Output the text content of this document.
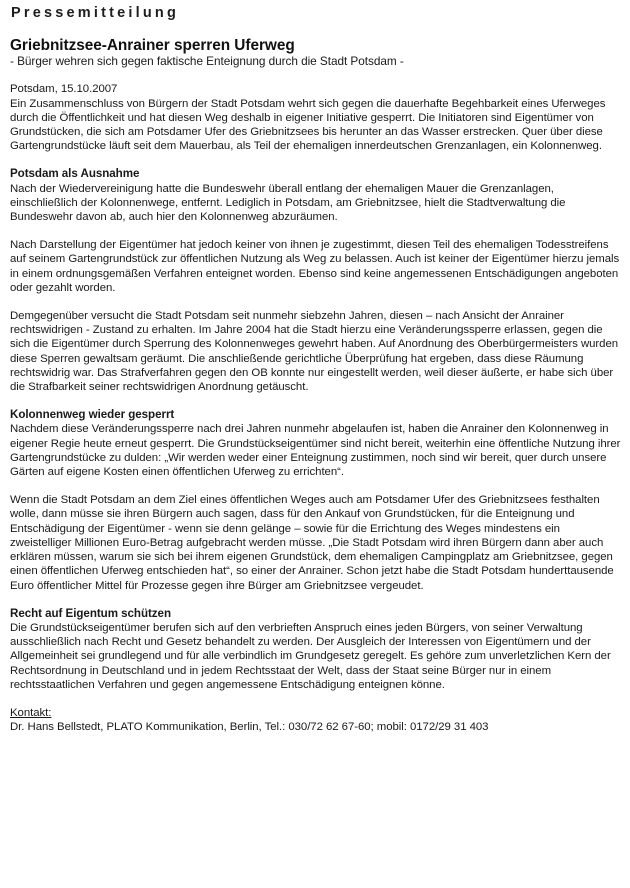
Pressemitteilung
Griebnitzsee-Anrainer sperren Uferweg

- Bürger wehren sich gegen faktische Enteignung durch die Stadt Potsdam -

Potsdam, 15.10.2007

Ein Zusammenschluss von Bürgern der Stadt Potsdam wehrt sich gegen die dauerhafte Begehbarkeit eines Uferweges durch die Öffentlichkeit und hat diesen Weg deshalb in eigener Initiative gesperrt. Die Initiatoren sind Eigentümer von Grundstücken, die sich am Potsdamer Ufer des Griebnitzsees bis herunter an das Wasser erstrecken. Quer über diese Gartengrundstücke läuft seit dem Mauerbau, als Teil der ehemaligen innerdeutschen Grenzanlagen, ein Kolonnenweg.

Potsdam als Ausnahme

Nach der Wiedervereinigung hatte die Bundeswehr überall entlang der ehemaligen Mauer die Grenzanlagen, einschließlich der Kolonnenwege, entfernt. Lediglich in Potsdam, am Griebnitzsee, hielt die Stadtverwaltung die Bundeswehr davon ab, auch hier den Kolonnenweg abzuräumen.

Nach Darstellung der Eigentümer hat jedoch keiner von ihnen je zugestimmt, diesen Teil des ehemaligen Todesstreifens auf seinem Gartengrundstück zur öffentlichen Nutzung als Weg zu belassen. Auch ist keiner der Eigentümer hierzu jemals in einem ordnungsgemäßen Verfahren enteignet worden. Ebenso sind keine angemessenen Entschädigungen angeboten oder gezahlt worden.

Demgegenüber versucht die Stadt Potsdam seit nunmehr siebzehn Jahren, diesen – nach Ansicht der Anrainer rechtswidrigen - Zustand zu erhalten. Im Jahre 2004 hat die Stadt hierzu eine Veränderungssperre erlassen, gegen die sich die Eigentümer durch Sperrung des Kolonnenweges gewehrt haben. Auf Anordnung des Oberbürgermeisters wurden diese Sperren gewaltsam geräumt. Die anschließende gerichtliche Überprüfung hat ergeben, dass diese Räumung rechtswidrig war. Das Strafverfahren gegen den OB konnte nur eingestellt werden, weil dieser äußerte, er habe sich über die Strafbarkeit seiner rechtswidrigen Anordnung getäuscht.

Kolonnenweg wieder gesperrt

Nachdem diese Veränderungssperre nach drei Jahren nunmehr abgelaufen ist, haben die Anrainer den Kolonnenweg in eigener Regie heute erneut gesperrt. Die Grundstückseigentümer sind nicht bereit, weiterhin eine öffentliche Nutzung ihrer Gartengrundstücke zu dulden: „Wir werden weder einer Enteignung zustimmen, noch sind wir bereit, quer durch unsere Gärten auf eigene Kosten einen öffentlichen Uferweg zu errichten“.

Wenn die Stadt Potsdam an dem Ziel eines öffentlichen Weges auch am Potsdamer Ufer des Griebnitzsees festhalten wolle, dann müsse sie ihren Bürgern auch sagen, dass für den Ankauf von Grundstücken, für die Enteignung und Entschädigung der Eigentümer - wenn sie denn gelänge – sowie für die Errichtung des Weges mindestens ein zweistelliger Millionen Euro-Betrag aufgebracht werden müsse. „Die Stadt Potsdam wird ihren Bürgern dann aber auch erklären müssen, warum sie sich bei ihrem eigenen Grundstück, dem ehemaligen Campingplatz am Griebnitzsee, gegen einen öffentlichen Uferweg entschieden hat“, so einer der Anrainer. Schon jetzt habe die Stadt Potsdam hunderttausende Euro öffentlicher Mittel für Prozesse gegen ihre Bürger am Griebnitzsee vergeudet.

Recht auf Eigentum schützen

Die Grundstückseigentümer berufen sich auf den verbrieften Anspruch eines jeden Bürgers, von seiner Verwaltung ausschließlich nach Recht und Gesetz behandelt zu werden. Der Ausgleich der Interessen von Eigentümern und der Allgemeinheit sei grundlegend und für alle verbindlich im Grundgesetz geregelt. Es gehöre zum unverletzlichen Kern der Rechtsordnung in Deutschland und in jedem Rechtsstaat der Welt, dass der Staat seine Bürger nur in einem rechtsstaatlichen Verfahren und gegen angemessene Entschädigung enteignen könne.

Kontakt:

Dr. Hans Bellstedt, PLATO Kommunikation, Berlin, Tel.: 030/72 62 67-60; mobil: 0172/29 31 403
